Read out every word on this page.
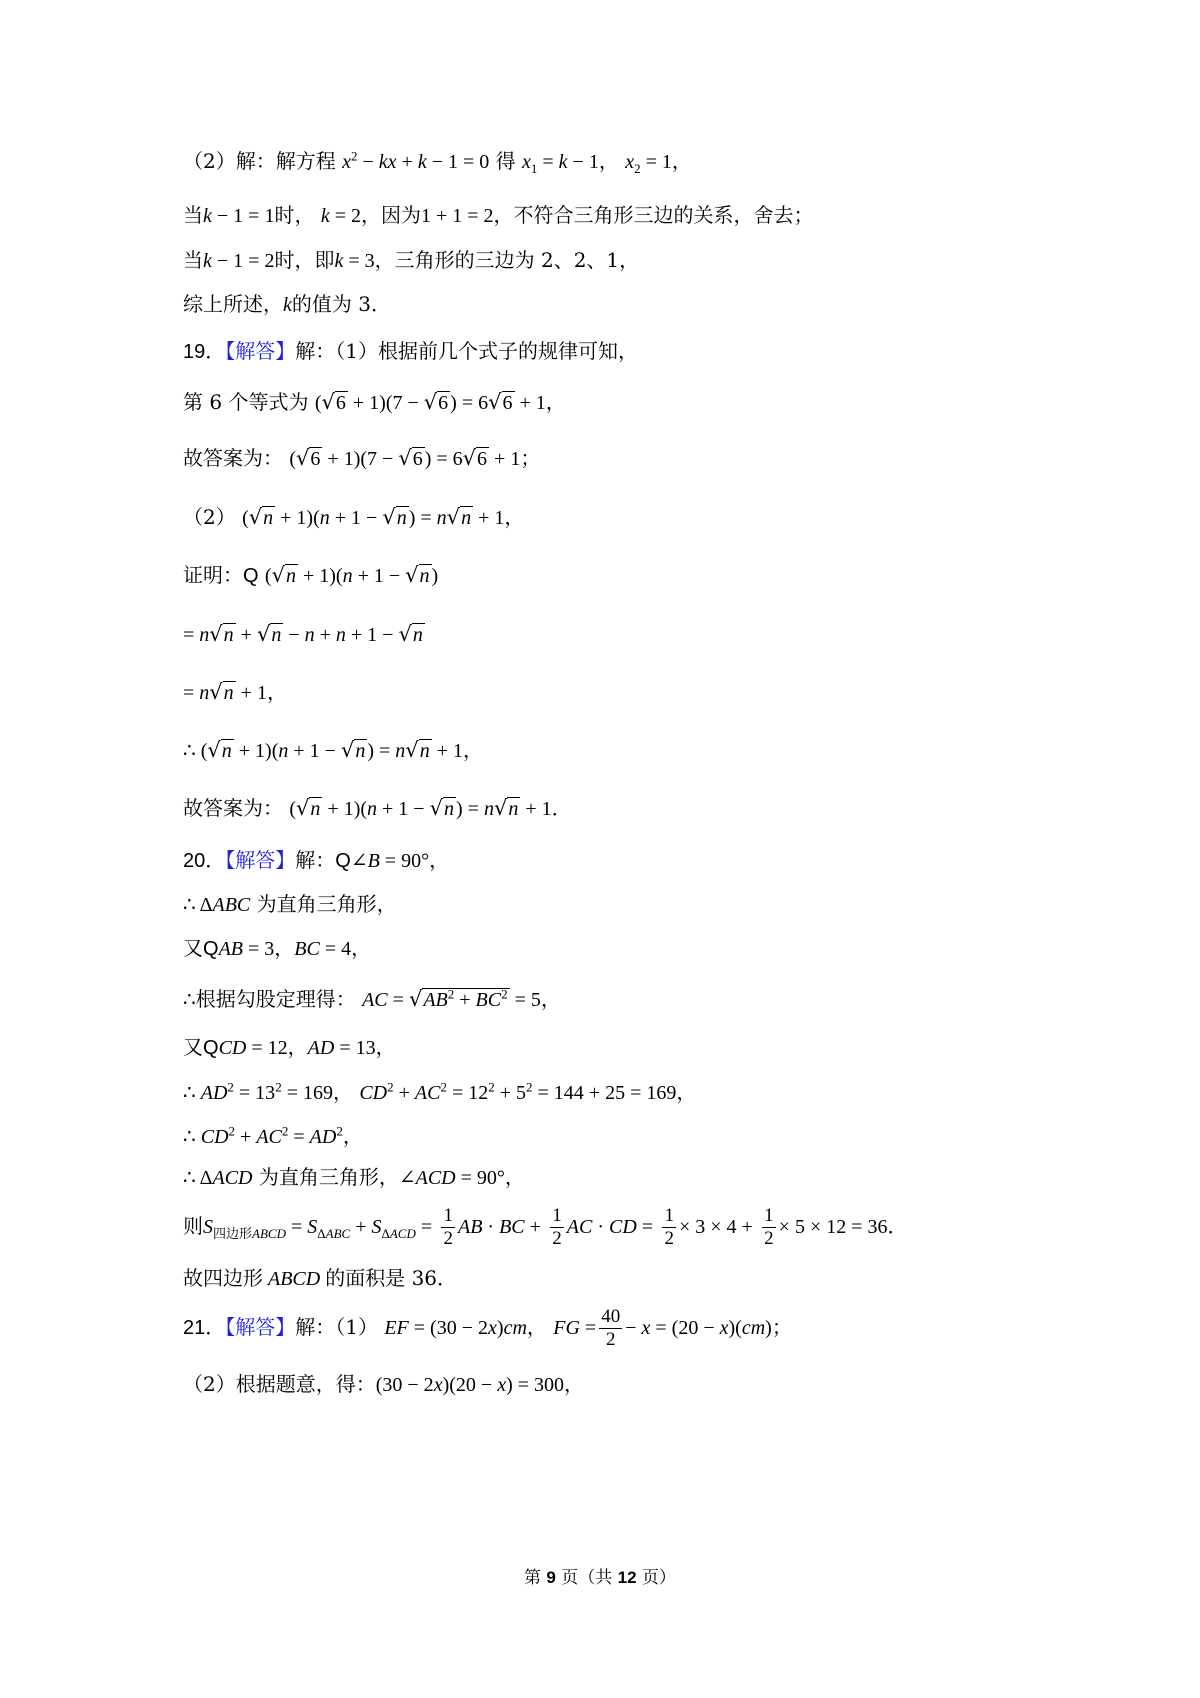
（2）解：解方程 $x^2$ − kx + k − 1 = 0 得 $x_1 = k - 1$， $x_2 = 1$，
当k − 1 = 1时， k = 2，因为1 + 1 = 2，不符合三角形三边的关系，舍去；
当k − 1 = 2时，即k = 3，三角形的三边为 2、2、1，
综上所述，k的值为 3．
19．【解答】解：（1）根据前几个式子的规律可知，
第 6 个等式为 (√6 + 1)(7 − √6 ) = 6√6 + 1，
故答案为： (√6 + 1)(7 − √6 ) = 6√6 + 1；
（2） (√n + 1)(n + 1 − √n ) = n√n + 1，
证明：Q (√n + 1)(n + 1 − √n )
= n√n + √n − n + n + 1 − √n
= n√n + 1，
∴ (√n + 1)(n + 1 − √n ) = n√n + 1，
故答案为： (√n + 1)(n + 1 − √n ) = n√n + 1．
20．【解答】解：Q∠B = 90°，
∴ ΔABC 为直角三角形，
又QAB = 3，BC = 4，
∴根据勾股定理得： AC = $√AB^2 + BC^2 = 5$，
又QCD = 12，AD = 13，
∴ $AD^2 = 13^2 = 169$， $CD^2 + AC^2 = 12^2 + 5^2 = 144 + 25 = 169$，
∴ $CD^2 + AC^2 = AD^2$，
∴ ΔACD 为直角三角形，∠ACD = 90°，
则$S_{四边形ABCD} = S_{\Delta ABC} + S_{\Delta ACD} = \frac{1}{2}$ AB · BC + $\frac{1}{2}$ AC · CD = $\frac{1}{2} \times 3 \times 4 + \frac{1}{2} \times 5 \times 12 = 36$．
故四边形 ABCD 的面积是 36．
21．【解答】解：（1） EF = (30 − 2x)cm， FG = $\frac{40}{2} - x = (20 - x)(cm)$；
（2）根据题意，得：(30 − 2x)(20 − x) = 300，
第 9 页（共 12 页）
